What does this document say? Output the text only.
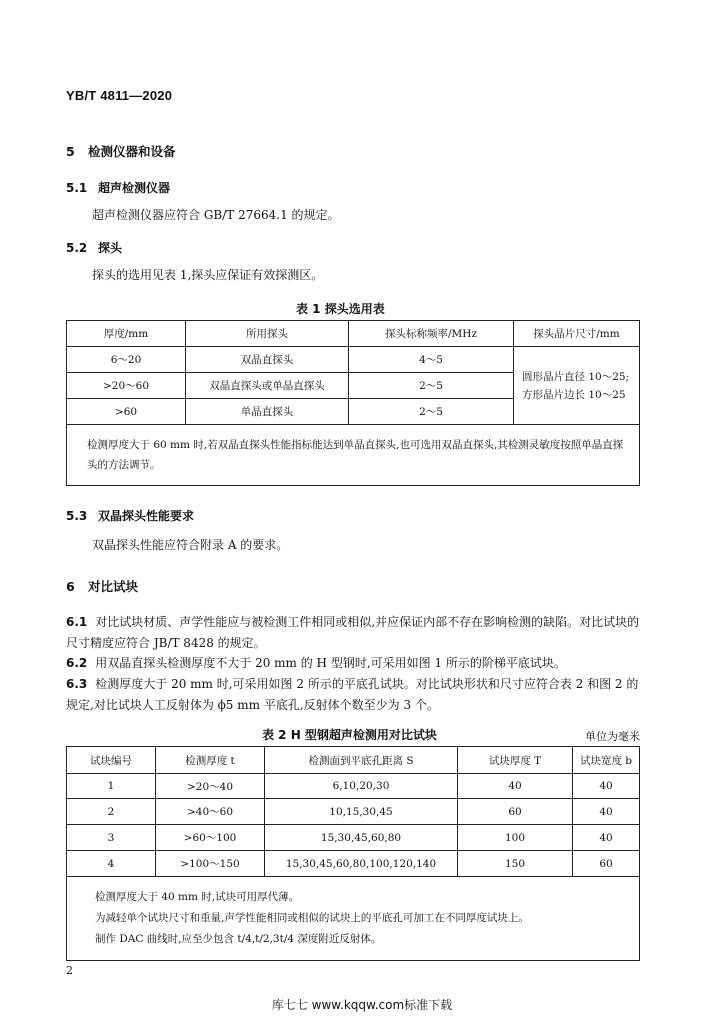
YB/T 4811—2020
5 检测仪器和设备
5.1 超声检测仪器
超声检测仪器应符合 GB/T 27664.1 的规定。
5.2 探头
探头的选用见表 1,探头应保证有效探测区。
表 1 探头选用表
厚度/mm	所用探头	探头标称频率/MHz	探头晶片尺寸/mm
6～20	双晶直探头	4～5	圆形晶片直径 10～25;方形晶片边长 10～25
>20～60	双晶直探头或单晶直探头	2～5	
>60	单晶直探头	2～5	
检测厚度大于 60 mm 时,若双晶直探头性能指标能达到单晶直探头,也可选用双晶直探头,其检测灵敏度按照单晶直探头的方法调节。			
5.3 双晶探头性能要求
双晶探头性能应符合附录 A 的要求。
6 对比试块
6.1 对比试块材质、声学性能应与被检测工件相同或相似,并应保证内部不存在影响检测的缺陷。对比试块的尺寸精度应符合 JB/T 8428 的规定。
6.2 用双晶直探头检测厚度不大于 20 mm 的 H 型钢时,可采用如图 1 所示的阶梯平底试块。
6.3 检测厚度大于 20 mm 时,可采用如图 2 所示的平底孔试块。对比试块形状和尺寸应符合表 2 和图 2 的规定,对比试块人工反射体为 ϕ5 mm 平底孔,反射体个数至少为 3 个。
表 2 H 型钢超声检测用对比试块	单位为毫米
试块编号	检测厚度 t	检测面到平底孔距离 S	试块厚度 T	试块宽度 b
1	>20～40	6,10,20,30	40	40
2	>40～60	10,15,30,45	60	40
3	>60～100	15,30,45,60,80	100	40
4	>100～150	15,30,45,60,80,100,120,140	150	60

检测厚度大于 40 mm 时,试块可用厚代薄。
为减轻单个试块尺寸和重量,声学性能相同或相似的试块上的平底孔可加工在不同厚度试块上。
制作 DAC 曲线时,应至少包含 t/4,t/2,3t/4 深度附近反射体。				
2
库七七 www.kqqw.com标准下载
